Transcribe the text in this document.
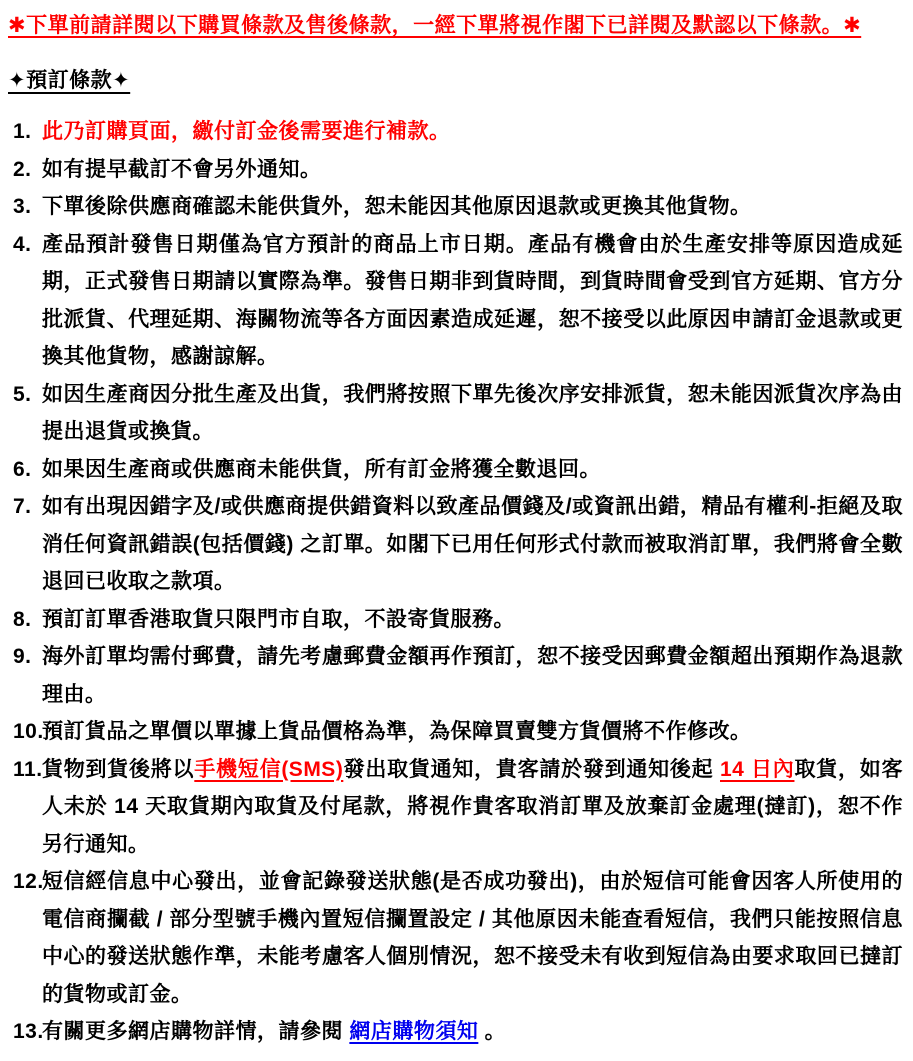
✱下單前請詳閱以下購買條款及售後條款，一經下單將視作閣下已詳閱及默認以下條款。✱
✦預訂條款✦
1. 此乃訂購頁面，繳付訂金後需要進行補款。
2. 如有提早截訂不會另外通知。
3. 下單後除供應商確認未能供貨外，恕未能因其他原因退款或更換其他貨物。
4. 產品預計發售日期僅為官方預計的商品上市日期。產品有機會由於生產安排等原因造成延期，正式發售日期請以實際為準。發售日期非到貨時間，到貨時間會受到官方延期、官方分批派貨、代理延期、海關物流等各方面因素造成延遲，恕不接受以此原因申請訂金退款或更換其他貨物，感謝諒解。
5. 如因生產商因分批生產及出貨，我們將按照下單先後次序安排派貨，恕未能因派貨次序為由提出退貨或換貨。
6. 如果因生產商或供應商未能供貨，所有訂金將獲全數退回。
7. 如有出現因錯字及/或供應商提供錯資料以致產品價錢及/或資訊出錯，精品有權利-拒絕及取消任何資訊錯誤(包括價錢) 之訂單。如閣下已用任何形式付款而被取消訂單，我們將會全數退回已收取之款項。
8. 預訂訂單香港取貨只限門市自取，不設寄貨服務。
9. 海外訂單均需付郵費，請先考慮郵費金額再作預訂，恕不接受因郵費金額超出預期作為退款理由。
10.
預訂貨品之單價以單據上貨品價格為準，為保障買賣雙方貨價將不作修改。
11. 貨物到貨後將以手機短信(SMS)發出取貨通知，貴客請於發到通知後起 14 日內取貨，如客人未於 14 天取貨期內取貨及付尾款，將視作貴客取消訂單及放棄訂金處理(撻訂)，恕不作另行通知。
12.
短信經信息中心發出，並會記錄發送狀態(是否成功發出)，由於短信可能會因客人所使用的電信商攔截 / 部分型號手機內置短信攔置設定 / 其他原因未能查看短信，我們只能按照信息中心的發送狀態作準，未能考慮客人個別情況，恕不接受未有收到短信為由要求取回已撻訂的貨物或訂金。
13.
有關更多網店購物詳情，請參閱 網店購物須知 。
